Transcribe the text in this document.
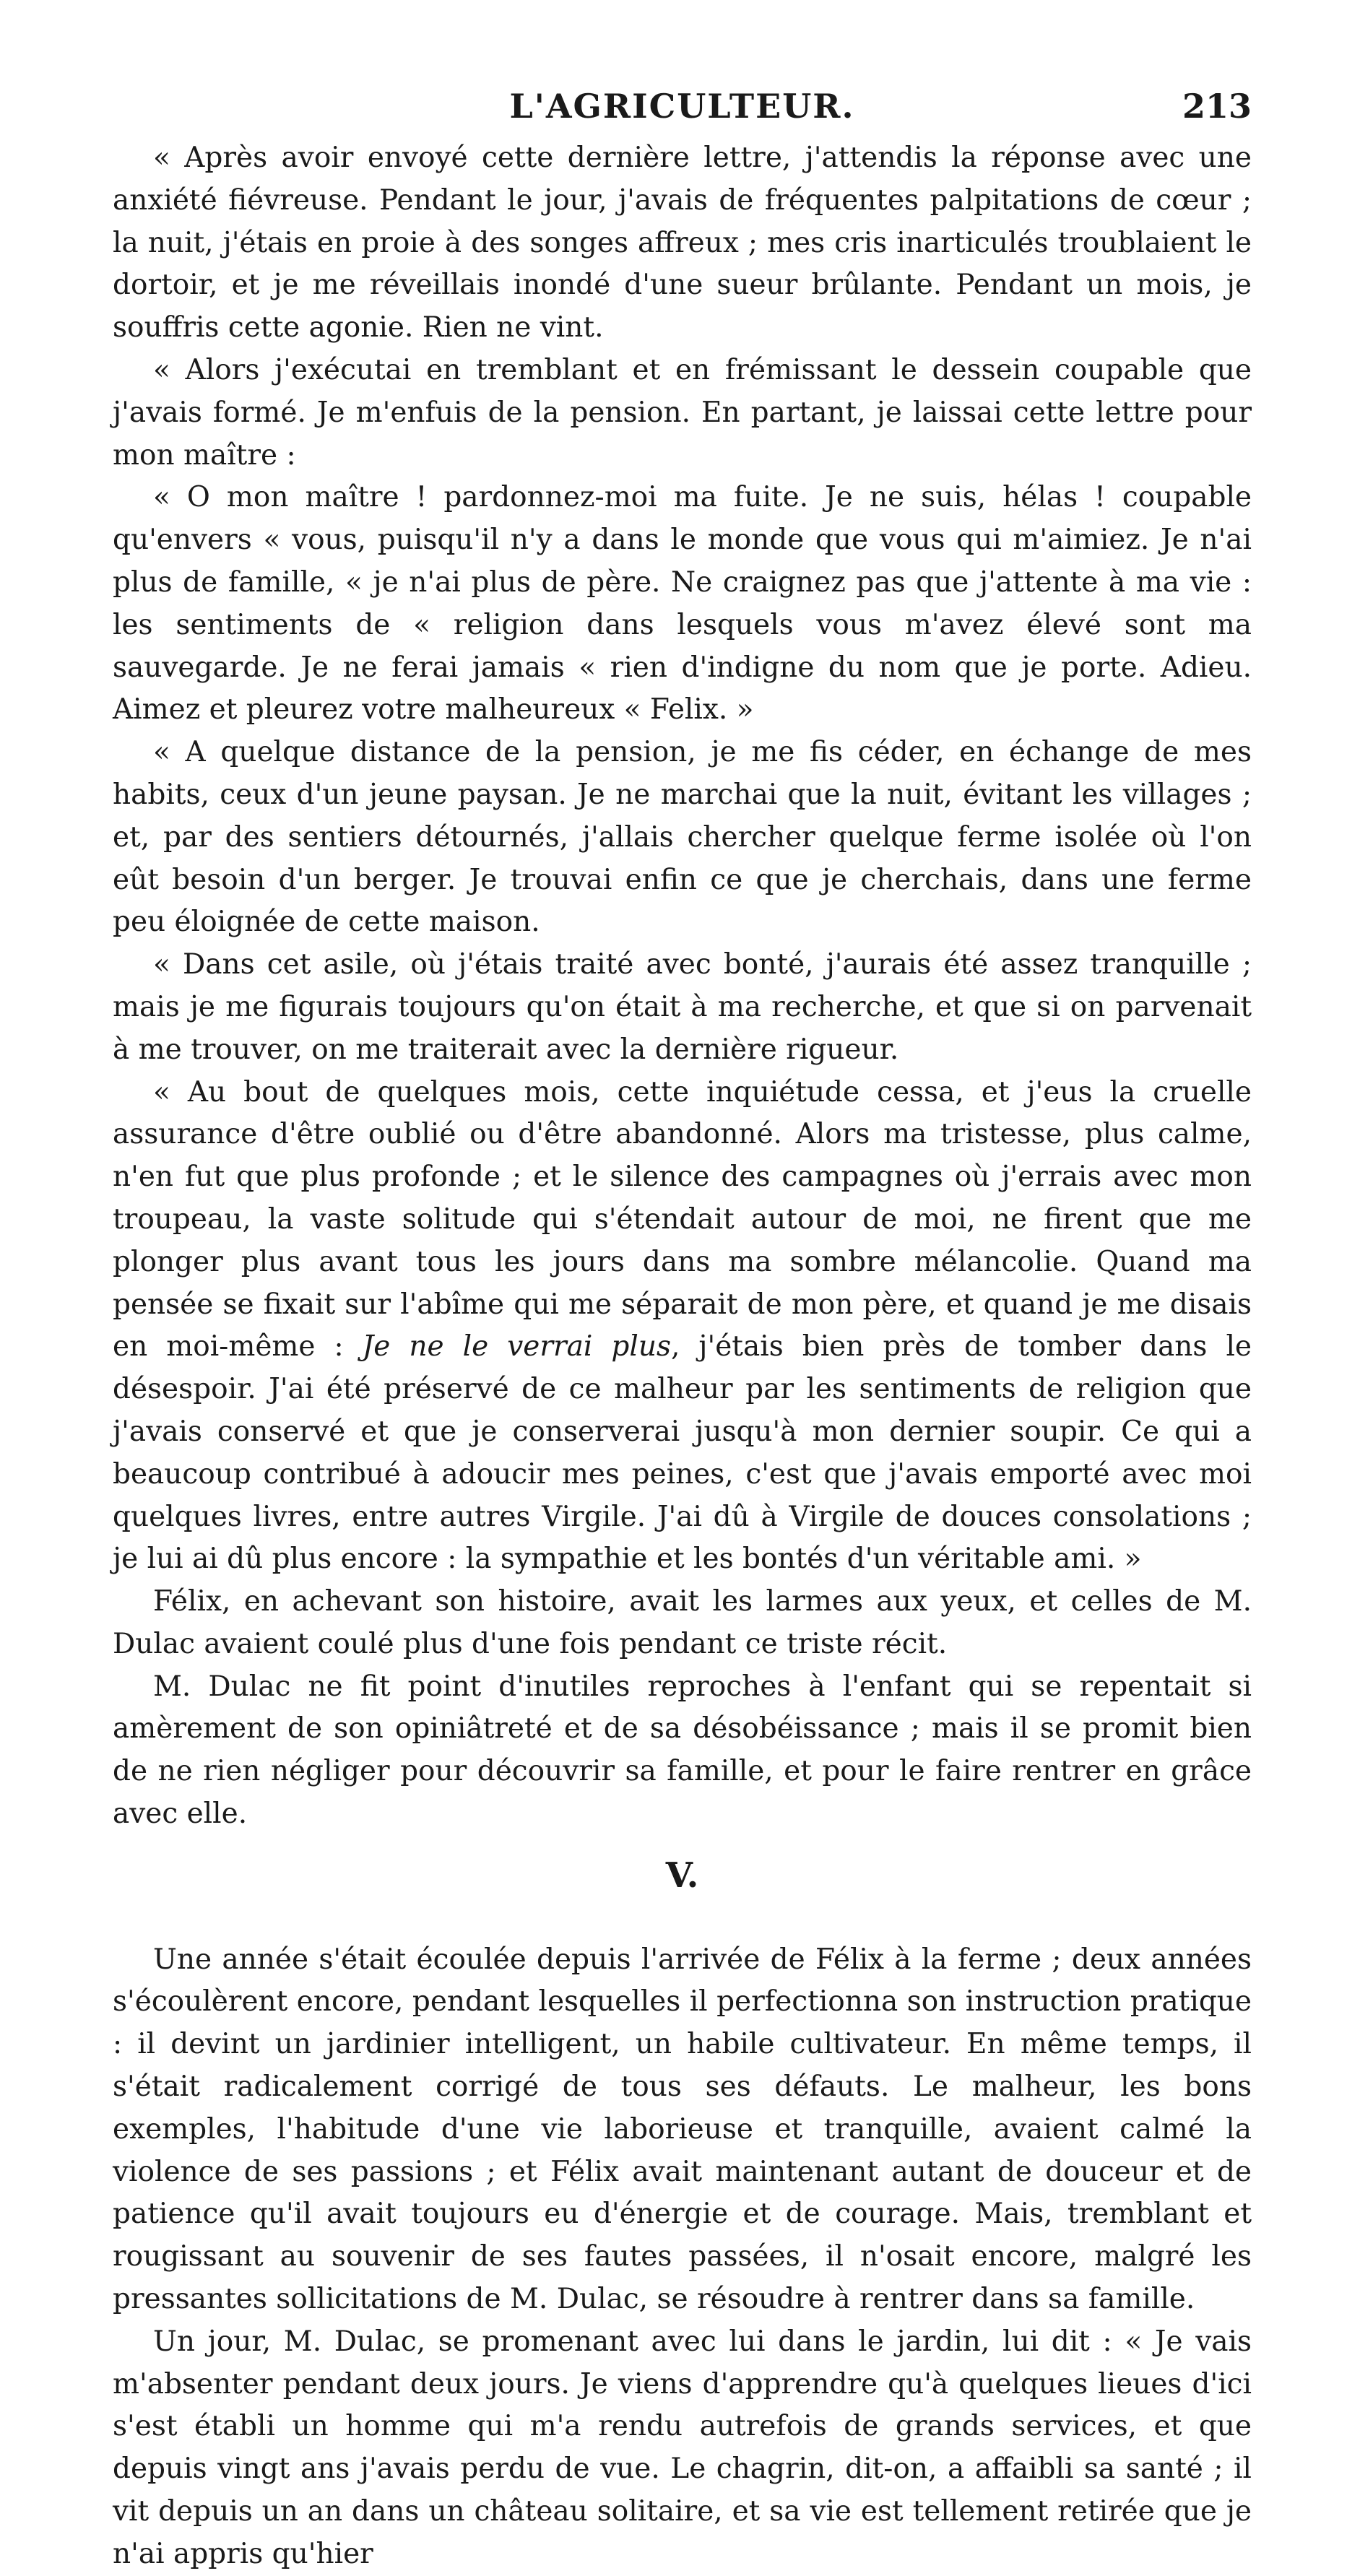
L'AGRICULTEUR.	213

« Après avoir envoyé cette dernière lettre, j'attendis la réponse avec une anxiété fiévreuse. Pendant le jour, j'avais de fréquentes palpitations de cœur ; la nuit, j'étais en proie à des songes affreux ; mes cris inarticulés troublaient le dortoir, et je me réveillais inondé d'une sueur brûlante. Pendant un mois, je souffris cette agonie. Rien ne vint.

« Alors j'exécutai en tremblant et en frémissant le dessein coupable que j'avais formé. Je m'enfuis de la pension. En partant, je laissai cette lettre pour mon maître :

« O mon maître ! pardonnez-moi ma fuite. Je ne suis, hélas ! coupable qu'envers « vous, puisqu'il n'y a dans le monde que vous qui m'aimiez. Je n'ai plus de famille, « je n'ai plus de père. Ne craignez pas que j'attente à ma vie : les sentiments de « religion dans lesquels vous m'avez élevé sont ma sauvegarde. Je ne ferai jamais « rien d'indigne du nom que je porte. Adieu. Aimez et pleurez votre malheureux « Felix. »

« A quelque distance de la pension, je me fis céder, en échange de mes habits, ceux d'un jeune paysan. Je ne marchai que la nuit, évitant les villages ; et, par des sentiers détournés, j'allais chercher quelque ferme isolée où l'on eût besoin d'un berger. Je trouvai enfin ce que je cherchais, dans une ferme peu éloignée de cette maison.

« Dans cet asile, où j'étais traité avec bonté, j'aurais été assez tranquille ; mais je me figurais toujours qu'on était à ma recherche, et que si on parvenait à me trouver, on me traiterait avec la dernière rigueur.

« Au bout de quelques mois, cette inquiétude cessa, et j'eus la cruelle assurance d'être oublié ou d'être abandonné. Alors ma tristesse, plus calme, n'en fut que plus profonde ; et le silence des campagnes où j'errais avec mon troupeau, la vaste solitude qui s'étendait autour de moi, ne firent que me plonger plus avant tous les jours dans ma sombre mélancolie. Quand ma pensée se fixait sur l'abîme qui me séparait de mon père, et quand je me disais en moi-même : Je ne le verrai plus, j'étais bien près de tomber dans le désespoir. J'ai été préservé de ce malheur par les sentiments de religion que j'avais conservé et que je conserverai jusqu'à mon dernier soupir. Ce qui a beaucoup contribué à adoucir mes peines, c'est que j'avais emporté avec moi quelques livres, entre autres Virgile. J'ai dû à Virgile de douces consolations ; je lui ai dû plus encore : la sympathie et les bontés d'un véritable ami. »

Félix, en achevant son histoire, avait les larmes aux yeux, et celles de M. Dulac avaient coulé plus d'une fois pendant ce triste récit.

M. Dulac ne fit point d'inutiles reproches à l'enfant qui se repentait si amèrement de son opiniâtreté et de sa désobéissance ; mais il se promit bien de ne rien négliger pour découvrir sa famille, et pour le faire rentrer en grâce avec elle.

V.

Une année s'était écoulée depuis l'arrivée de Félix à la ferme ; deux années s'écoulèrent encore, pendant lesquelles il perfectionna son instruction pratique : il devint un jardinier intelligent, un habile cultivateur. En même temps, il s'était radicalement corrigé de tous ses défauts. Le malheur, les bons exemples, l'habitude d'une vie laborieuse et tranquille, avaient calmé la violence de ses passions ; et Félix avait maintenant autant de douceur et de patience qu'il avait toujours eu d'énergie et de courage. Mais, tremblant et rougissant au souvenir de ses fautes passées, il n'osait encore, malgré les pressantes sollicitations de M. Dulac, se résoudre à rentrer dans sa famille.

Un jour, M. Dulac, se promenant avec lui dans le jardin, lui dit : « Je vais m'absenter pendant deux jours. Je viens d'apprendre qu'à quelques lieues d'ici s'est établi un homme qui m'a rendu autrefois de grands services, et que depuis vingt ans j'avais perdu de vue. Le chagrin, dit-on, a affaibli sa santé ; il vit depuis un an dans un château solitaire, et sa vie est tellement retirée que je n'ai appris qu'hier
